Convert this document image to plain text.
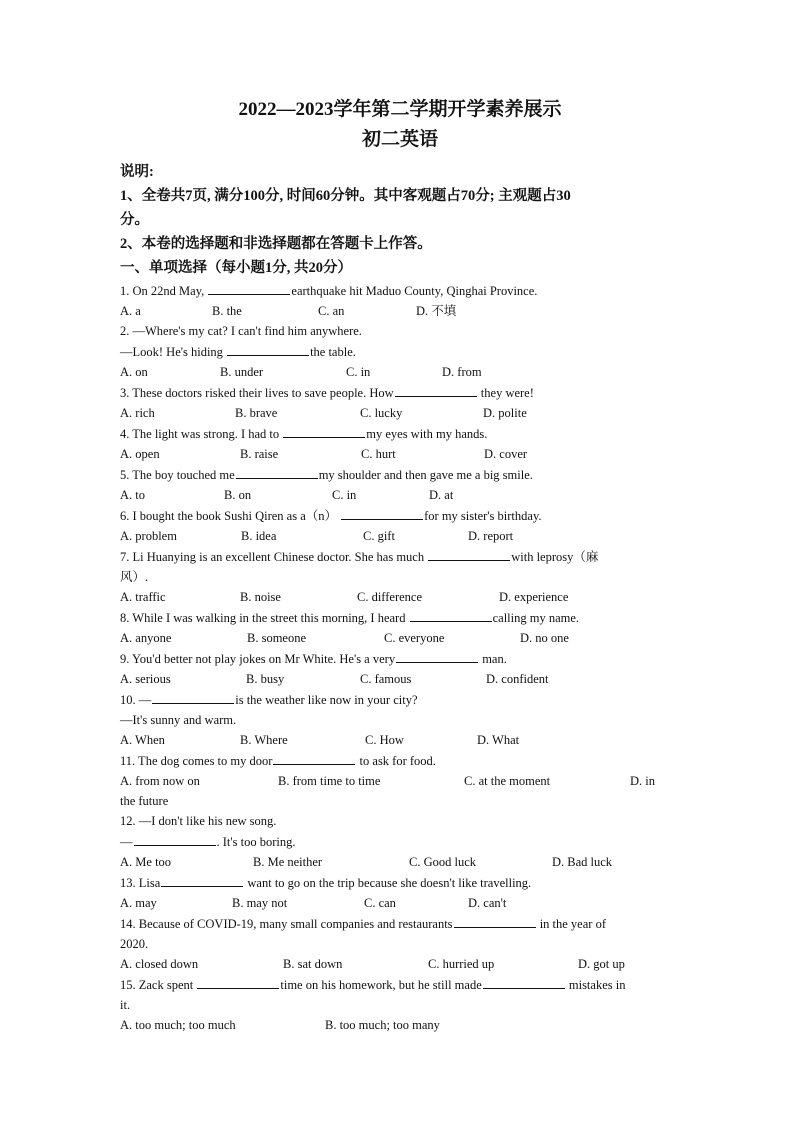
2022—2023学年第二学期开学素养展示
初二英语
说明:
1、全卷共7页, 满分100分, 时间60分钟。其中客观题占70分; 主观题占30
分。
2、本卷的选择题和非选择题都在答题卡上作答。
一、单项选择（每小题1分, 共20分）
1. On 22nd May,	earthquake hit Maduo County, Qinghai Province.
A. a	B. the	C. an	D. 不填
2. —Where's my cat? I can't find him anywhere.
—Look! He's hiding	the table.
A. on	B. under	C. in	D. from
3. These doctors risked their lives to save people. How	they were!
A. rich	B. brave	C. lucky	D. polite
4. The light was strong. I had to	my eyes with my hands.
A. open	B. raise	C. hurt	D. cover
5. The boy touched me	my shoulder and then gave me a big smile.
A. to	B. on	C. in	D. at
6. I bought the book Sushi Qiren as a（n）	for my sister's birthday.
A. problem	B. idea	C. gift	D. report
7. Li Huanying is an excellent Chinese doctor. She has much	with leprosy（麻
风）.
A. traffic	B. noise	C. difference	D. experience
8. While I was walking in the street this morning, I heard	calling my name.
A. anyone	B. someone	C. everyone	D. no one
9. You'd better not play jokes on Mr White. He's a very	man.
A. serious	B. busy	C. famous	D. confident
10. —	is the weather like now in your city?
—It's sunny and warm.
A. When	B. Where	C. How	D. What
11. The dog comes to my door	to ask for food.
A. from now on	B. from time to time	C. at the moment	D. in
the future
12. —I don't like his new song.
—	. It's too boring.
A. Me too	B. Me neither	C. Good luck	D. Bad luck
13. Lisa	want to go on the trip because she doesn't like travelling.
A. may	B. may not	C. can	D. can't
14. Because of COVID-19, many small companies and restaurants	in the year of
2020.
A. closed down	B. sat down	C. hurried up	D. got up
15. Zack spent	time on his homework, but he still made	mistakes in
it.
A. too much; too much	B. too much; too many
